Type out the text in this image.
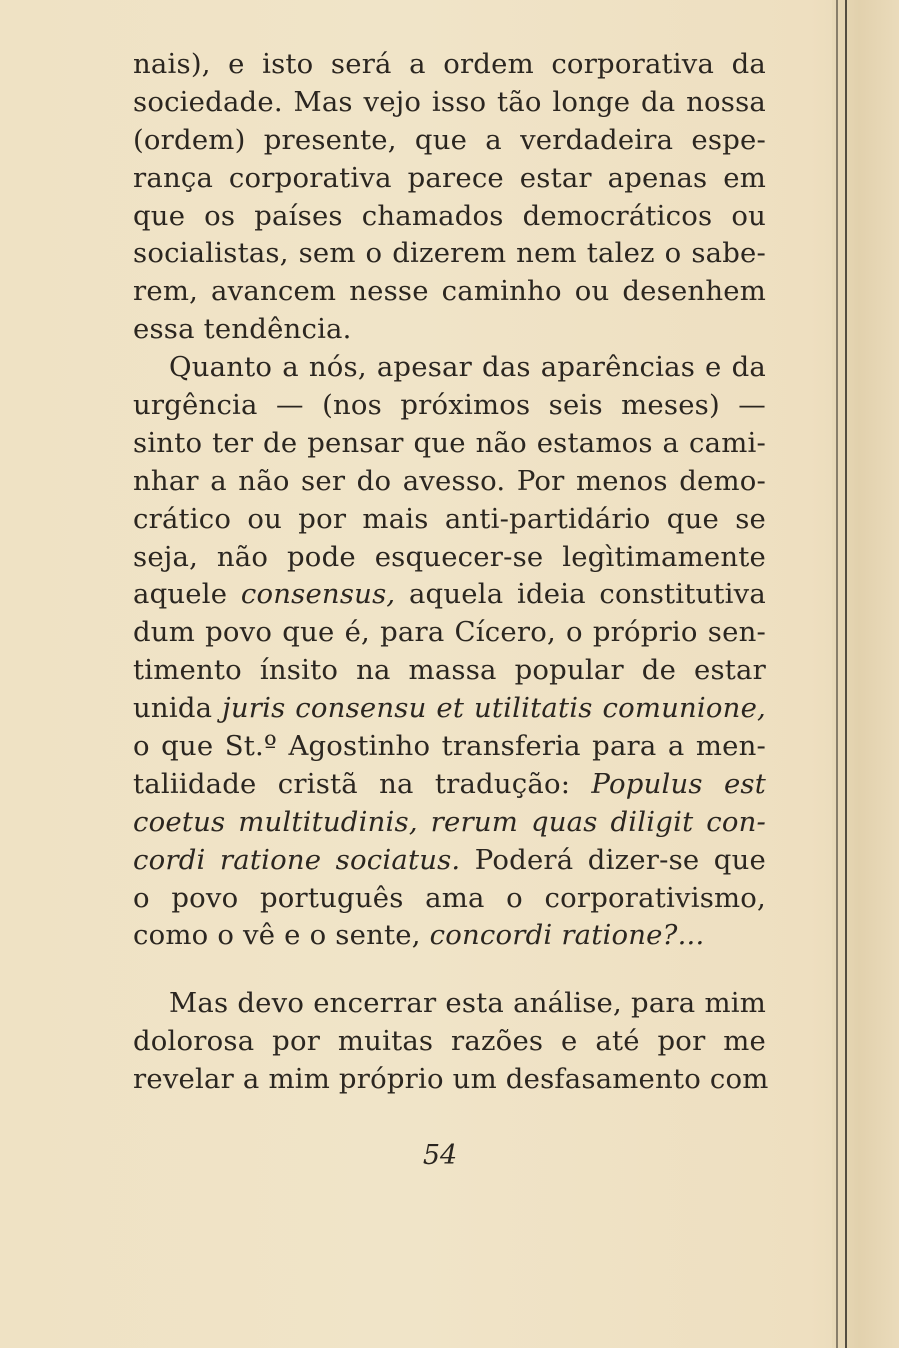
nais), e isto será a ordem corporativa da
sociedade. Mas vejo isso tão longe da nossa
(ordem) presente, que a verdadeira espe-
rança corporativa parece estar apenas em
que os países chamados democráticos ou
socialistas, sem o dizerem nem talez o sabe-
rem, avancem nesse caminho ou desenhem
essa tendência.
Quanto a nós, apesar das aparências e da
urgência — (nos próximos seis meses) —
sinto ter de pensar que não estamos a cami-
nhar a não ser do avesso. Por menos demo-
crático ou por mais anti-partidário que se
seja, não pode esquecer-se legìtimamente
aquele consensus, aquela ideia constitutiva
dum povo que é, para Cícero, o próprio sen-
timento ínsito na massa popular de estar
unida juris consensu et utilitatis comunione,
o que St.º Agostinho transferia para a men-
taliidade cristã na tradução: Populus est
coetus multitudinis, rerum quas diligit con-
cordi ratione sociatus. Poderá dizer-se que
o povo português ama o corporativismo,
como o vê e o sente, concordi ratione?...
Mas devo encerrar esta análise, para mim
dolorosa por muitas razões e até por me
revelar a mim próprio um desfasamento com
54
